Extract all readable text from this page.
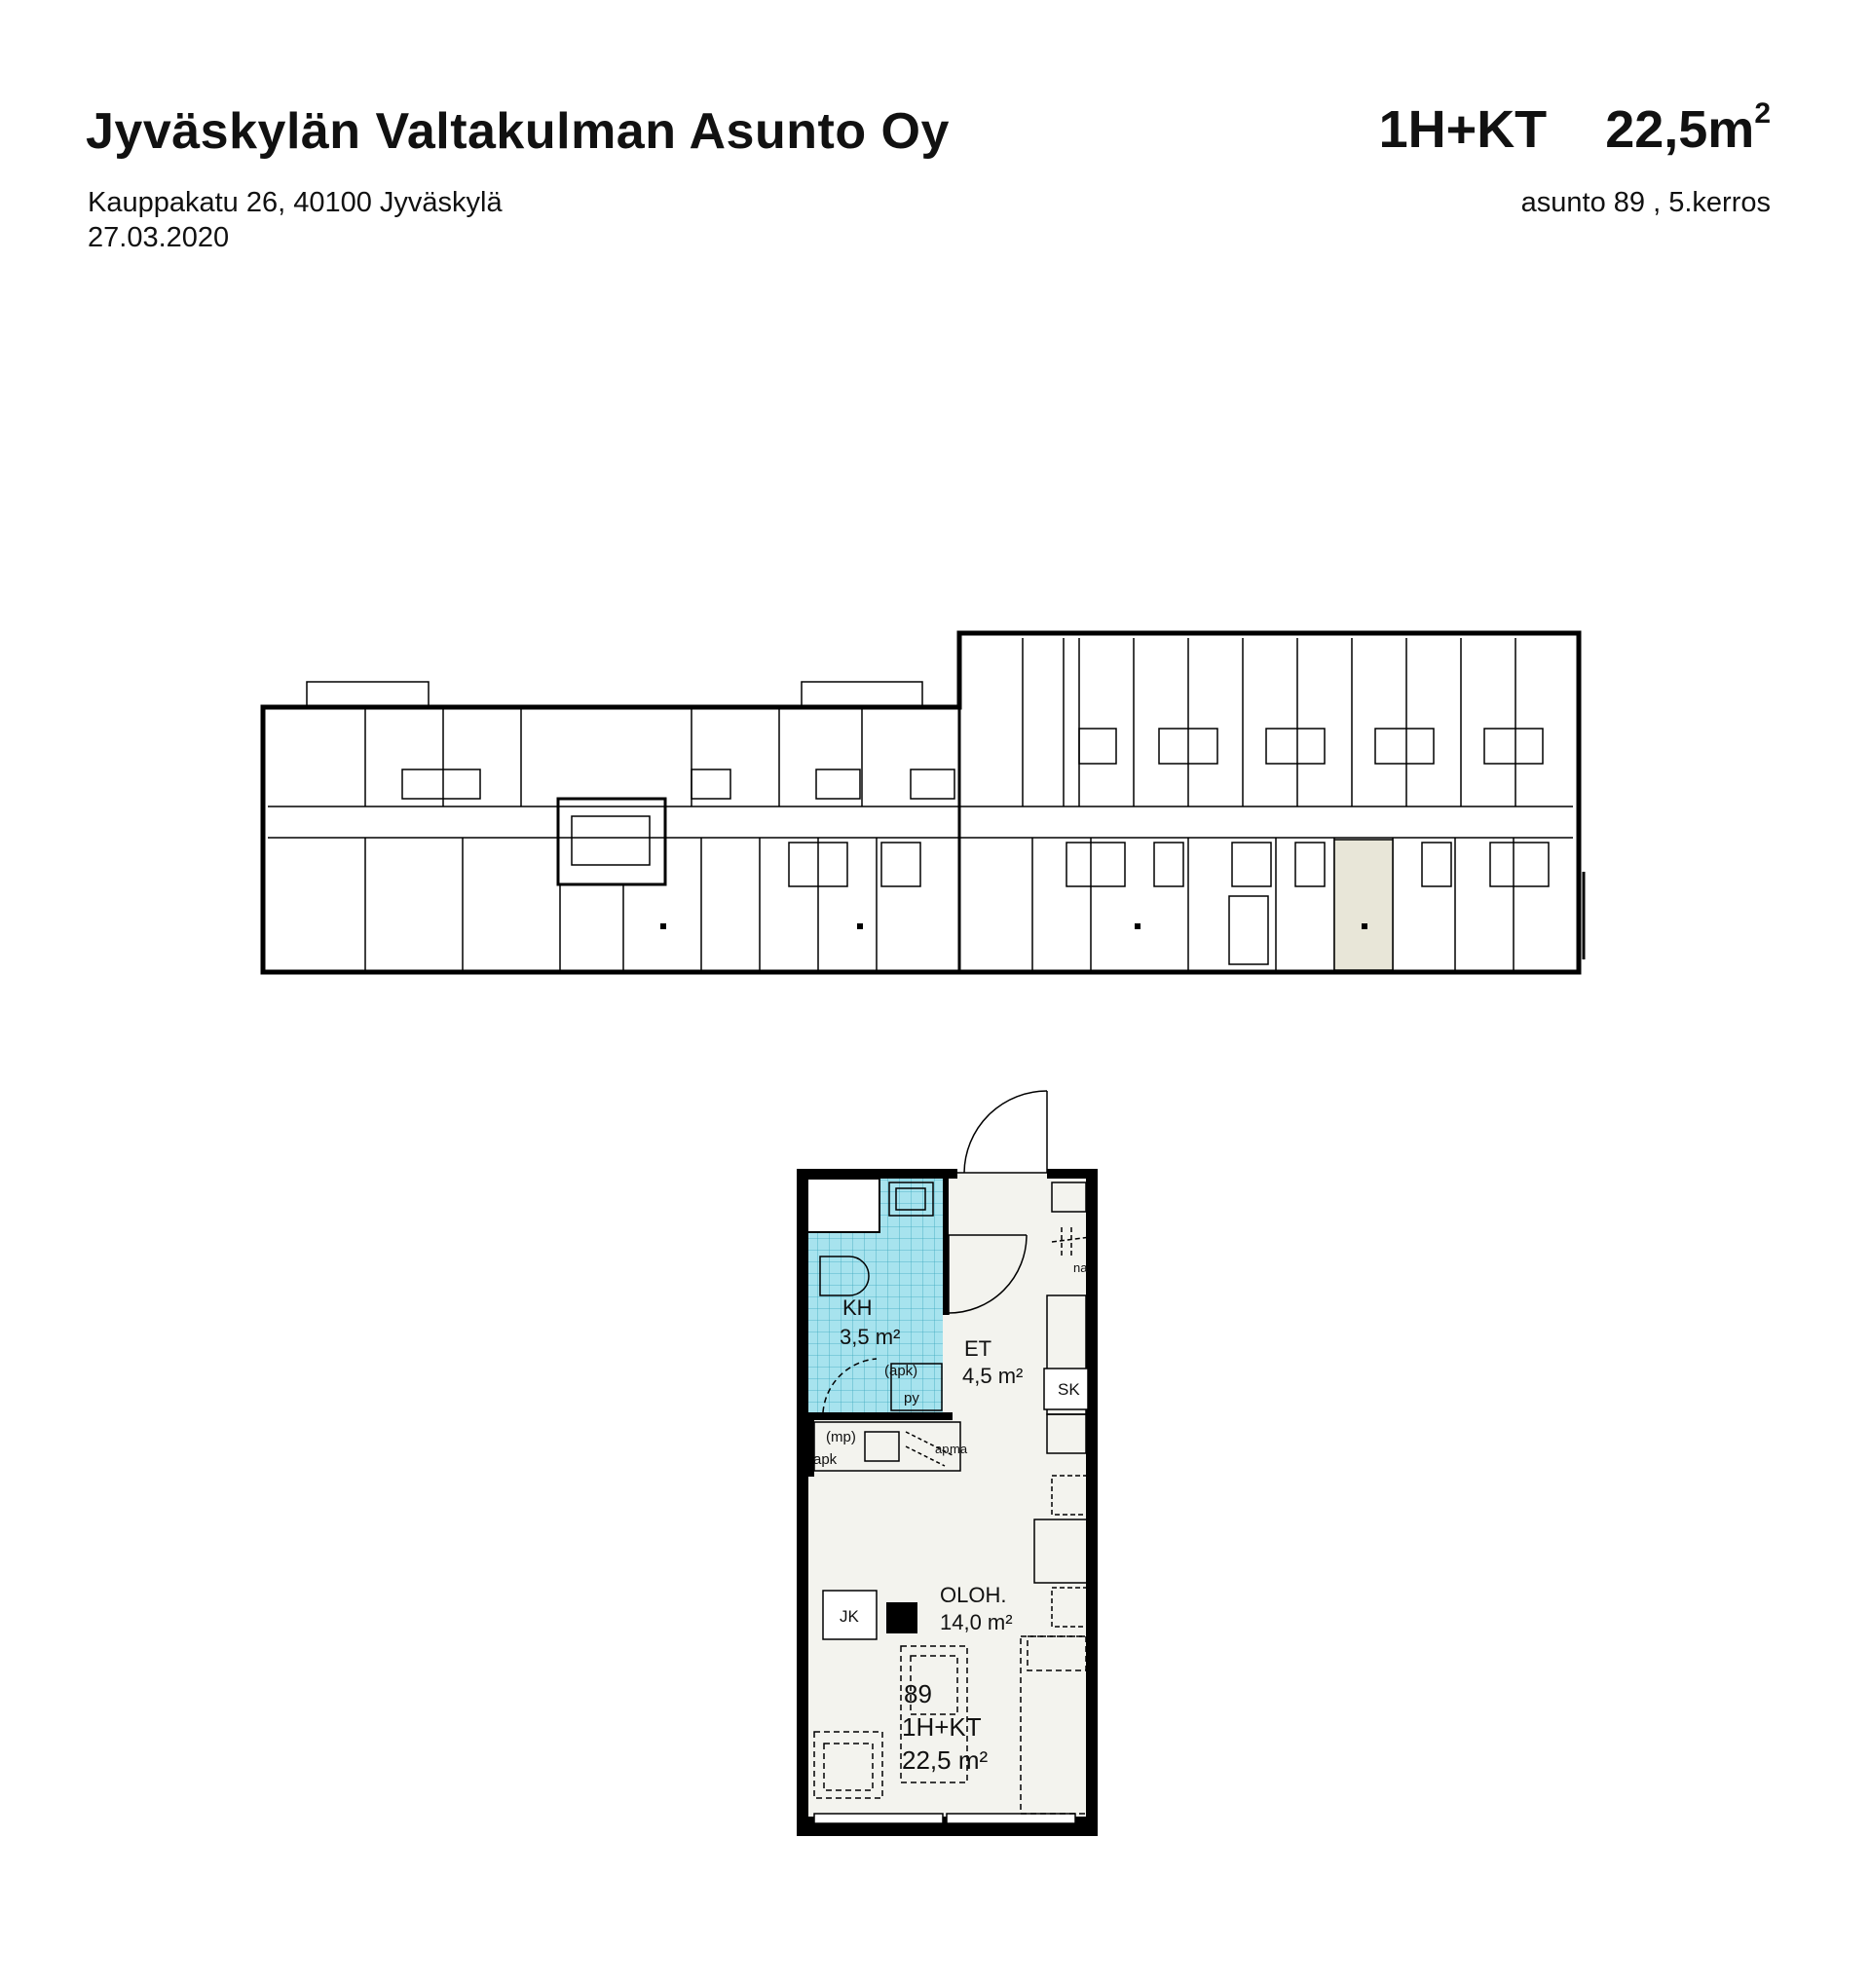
Jyväskylän Valtakulman Asunto Oy
Kauppakatu 26, 40100 Jyväskylä
27.03.2020
1H+KT $22,5m^2$
asunto 89 , 5.kerros
KH
3,5 m²	ET
4,5 m²
OLOH.
14,0 m²
SK
JK
(apk)
py
na
(mp)
apk
ap ma
89
1H+KT
22,5 m²
